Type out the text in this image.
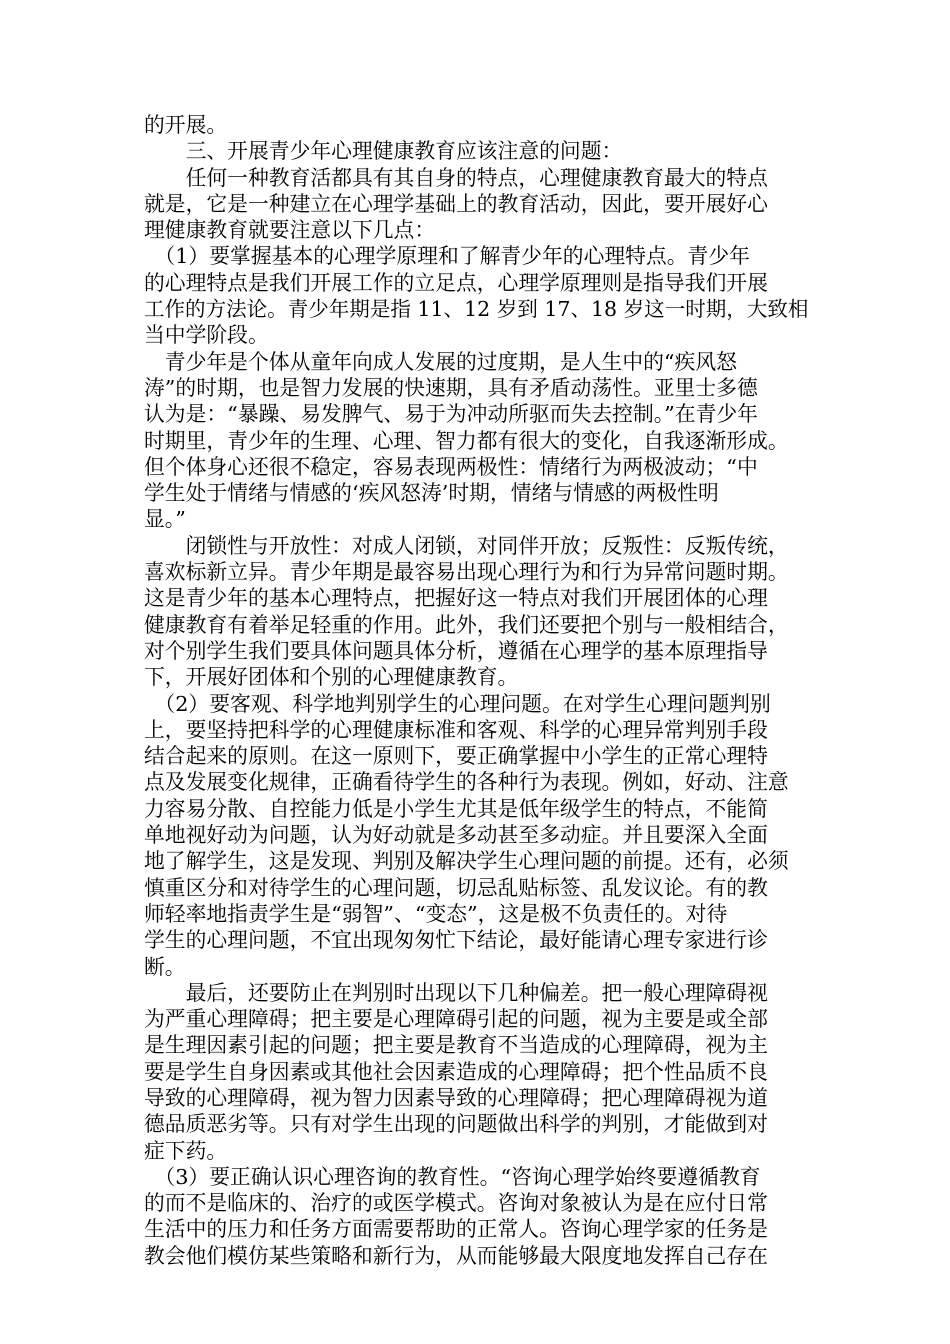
的开展。
　　三、开展青少年心理健康教育应该注意的问题：
　　任何一种教育活都具有其自身的特点，心理健康教育最大的特点
就是，它是一种建立在心理学基础上的教育活动，因此，要开展好心
理健康教育就要注意以下几点：
　（1）要掌握基本的心理学原理和了解青少年的心理特点。青少年
的心理特点是我们开展工作的立足点，心理学原理则是指导我们开展
工作的方法论。青少年期是指 11、12 岁到 17、18 岁这一时期，大致相
当中学阶段。
　青少年是个体从童年向成人发展的过度期，是人生中的“疾风怒
涛”的时期，也是智力发展的快速期，具有矛盾动荡性。亚里士多德
认为是：“暴躁、易发脾气、易于为冲动所驱而失去控制。”在青少年
时期里，青少年的生理、心理、智力都有很大的变化，自我逐渐形成。
但个体身心还很不稳定，容易表现两极性：情绪行为两极波动；“中
学生处于情绪与情感的‘疾风怒涛’时期，情绪与情感的两极性明
显。”
　　闭锁性与开放性：对成人闭锁，对同伴开放；反叛性：反叛传统，
喜欢标新立异。青少年期是最容易出现心理行为和行为异常问题时期。
这是青少年的基本心理特点，把握好这一特点对我们开展团体的心理
健康教育有着举足轻重的作用。此外，我们还要把个别与一般相结合，
对个别学生我们要具体问题具体分析，遵循在心理学的基本原理指导
下，开展好团体和个别的心理健康教育。
　（2）要客观、科学地判别学生的心理问题。在对学生心理问题判别
上，要坚持把科学的心理健康标准和客观、科学的心理异常判别手段
结合起来的原则。在这一原则下，要正确掌握中小学生的正常心理特
点及发展变化规律，正确看待学生的各种行为表现。例如，好动、注意
力容易分散、自控能力低是小学生尤其是低年级学生的特点，不能简
单地视好动为问题，认为好动就是多动甚至多动症。并且要深入全面
地了解学生，这是发现、判别及解决学生心理问题的前提。还有，必须
慎重区分和对待学生的心理问题，切忌乱贴标签、乱发议论。有的教
师轻率地指责学生是“弱智”、“变态”，这是极不负责任的。对待
学生的心理问题，不宜出现匆匆忙下结论，最好能请心理专家进行诊
断。
　　最后，还要防止在判别时出现以下几种偏差。把一般心理障碍视
为严重心理障碍；把主要是心理障碍引起的问题，视为主要是或全部
是生理因素引起的问题；把主要是教育不当造成的心理障碍，视为主
要是学生自身因素或其他社会因素造成的心理障碍；把个性品质不良
导致的心理障碍，视为智力因素导致的心理障碍；把心理障碍视为道
德品质恶劣等。只有对学生出现的问题做出科学的判别，才能做到对
症下药。
　（3）要正确认识心理咨询的教育性。“咨询心理学始终要遵循教育
的而不是临床的、治疗的或医学模式。咨询对象被认为是在应付日常
生活中的压力和任务方面需要帮助的正常人。咨询心理学家的任务是
教会他们模仿某些策略和新行为，从而能够最大限度地发挥自己存在
